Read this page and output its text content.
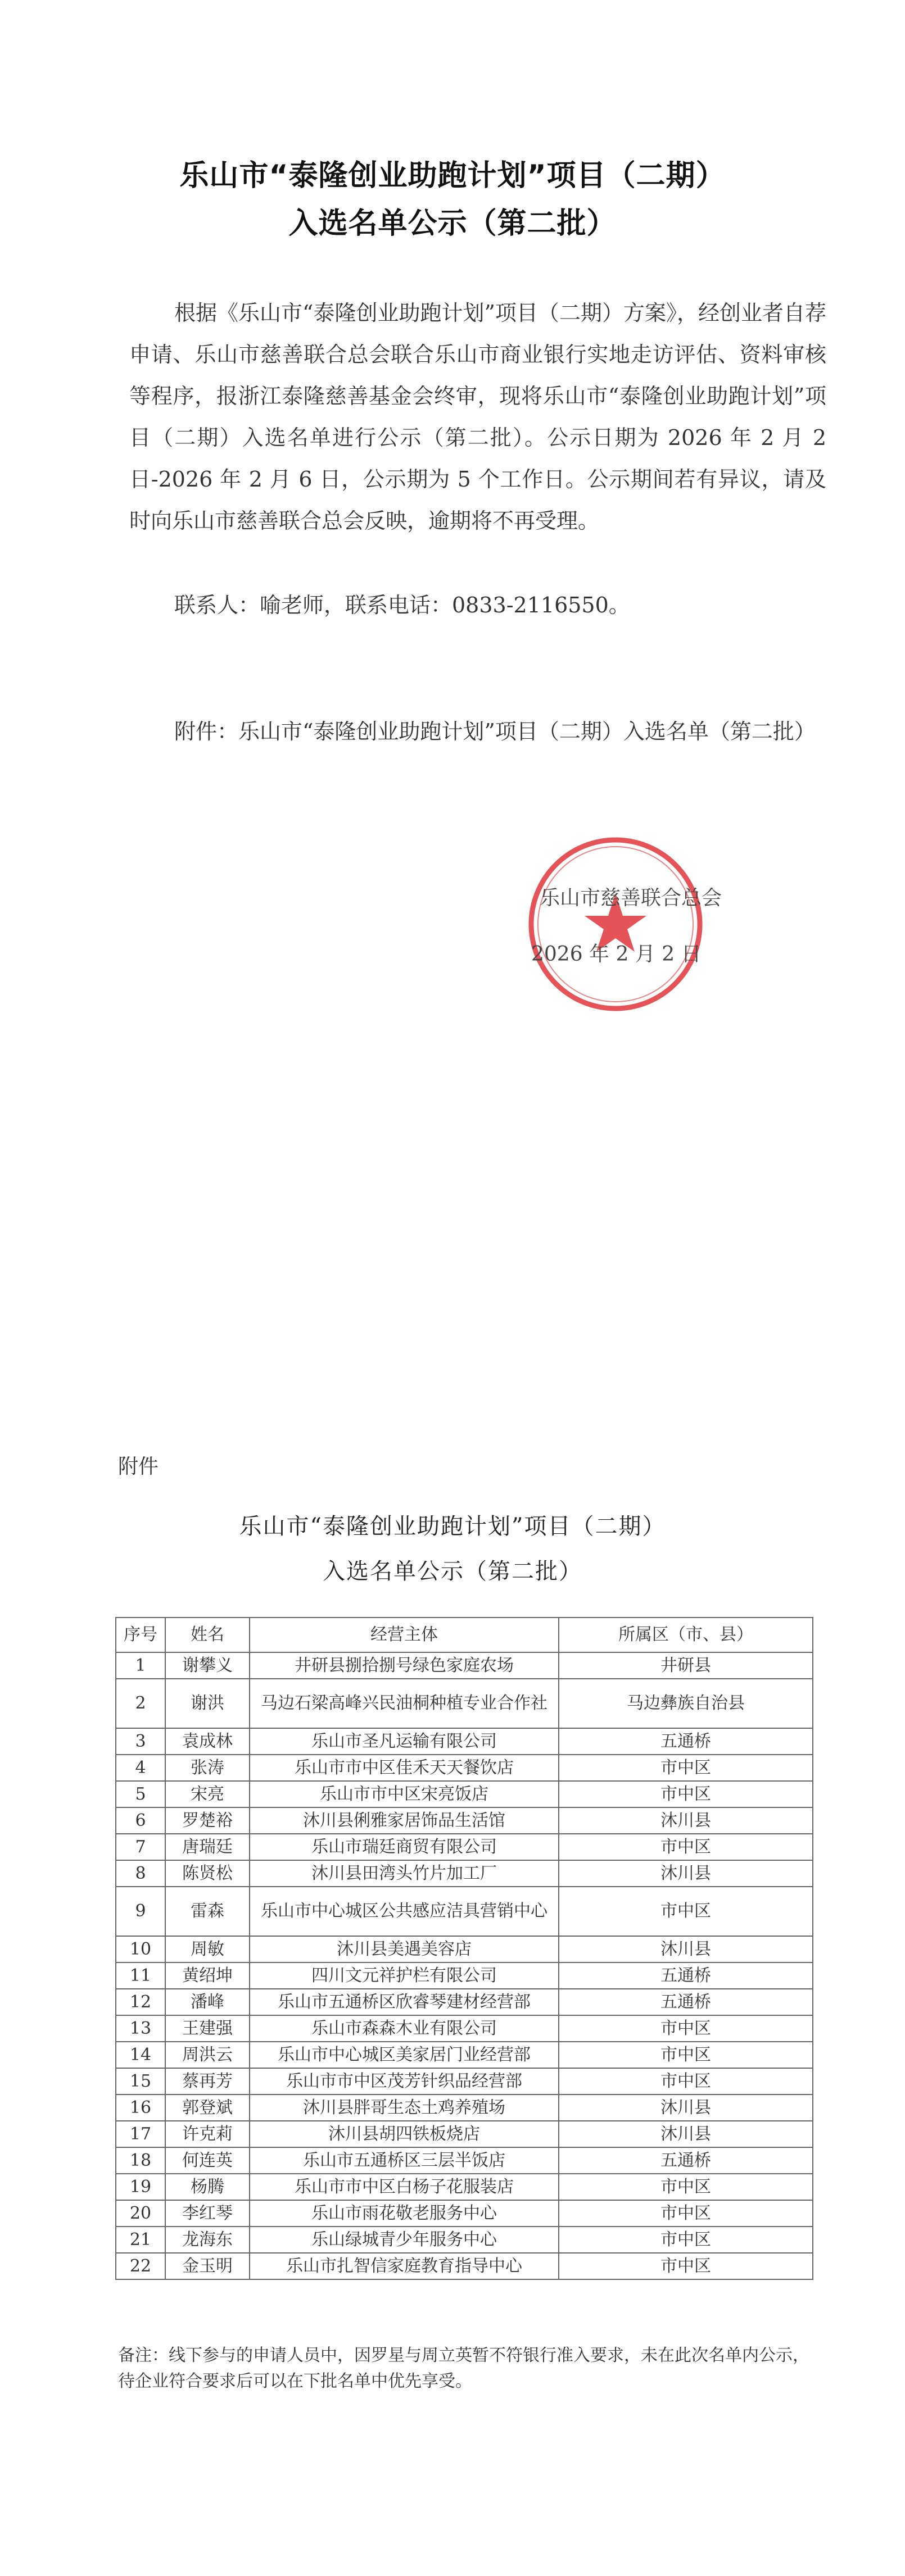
乐山市“泰隆创业助跑计划”项目（二期）
入选名单公示（第二批）

根据《乐山市“泰隆创业助跑计划”项目（二期）方案》，经创业者自荐申请、乐山市慈善联合总会联合乐山市商业银行实地走访评估、资料审核等程序，报浙江泰隆慈善基金会终审，现将乐山市“泰隆创业助跑计划”项目（二期）入选名单进行公示（第二批）。公示日期为 2026 年 2 月 2 日-2026 年 2 月 6 日，公示期为 5 个工作日。公示期间若有异议，请及时向乐山市慈善联合总会反映，逾期将不再受理。

联系人：喻老师，联系电话：0833-2116550。

附件：乐山市“泰隆创业助跑计划”项目（二期）入选名单（第二批）

乐山市慈善联合总会
2026 年 2 月 2 日
附件
乐山市“泰隆创业助跑计划”项目（二期）
入选名单公示（第二批）
序号	姓名	经营主体	所属区（市、县）
1	谢攀义	井研县捌拾捌号绿色家庭农场	井研县
2	谢洪	马边石梁高峰兴民油桐种植专业合作社	马边彝族自治县
3	袁成林	乐山市圣凡运输有限公司	五通桥
4	张涛	乐山市市中区佳禾天天餐饮店	市中区
5	宋亮	乐山市市中区宋亮饭店	市中区
6	罗楚裕	沐川县俐雅家居饰品生活馆	沐川县
7	唐瑞廷	乐山市瑞廷商贸有限公司	市中区
8	陈贤松	沐川县田湾头竹片加工厂	沐川县
9	雷森	乐山市中心城区公共感应洁具营销中心	市中区
10	周敏	沐川县美遇美容店	沐川县
11	黄绍坤	四川文元祥护栏有限公司	五通桥
12	潘峰	乐山市五通桥区欣睿琴建材经营部	五通桥
13	王建强	乐山市森森木业有限公司	市中区
14	周洪云	乐山市中心城区美家居门业经营部	市中区
15	蔡再芳	乐山市市中区茂芳针织品经营部	市中区
16	郭登斌	沐川县胖哥生态土鸡养殖场	沐川县
17	许克莉	沐川县胡四铁板烧店	沐川县
18	何连英	乐山市五通桥区三层半饭店	五通桥
19	杨腾	乐山市市中区白杨子花服装店	市中区
20	李红琴	乐山市雨花敬老服务中心	市中区
21	龙海东	乐山绿城青少年服务中心	市中区
22	金玉明	乐山市扎智信家庭教育指导中心	市中区
备注：线下参与的申请人员中，因罗星与周立英暂不符银行准入要求，未在此次名单内公示，待企业符合要求后可以在下批名单中优先享受。
